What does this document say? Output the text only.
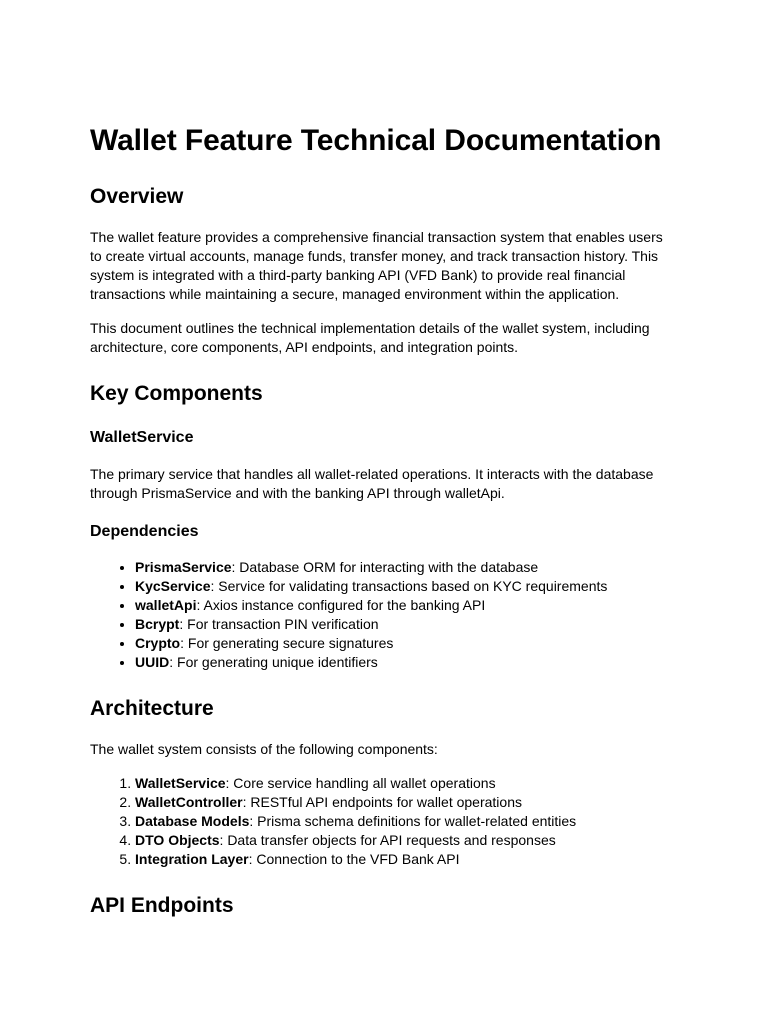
Wallet Feature Technical Documentation
Overview

The wallet feature provides a comprehensive financial transaction system that enables users to create virtual accounts, manage funds, transfer money, and track transaction history. This system is integrated with a third-party banking API (VFD Bank) to provide real financial transactions while maintaining a secure, managed environment within the application.

This document outlines the technical implementation details of the wallet system, including architecture, core components, API endpoints, and integration points.

Key Components
WalletService

The primary service that handles all wallet-related operations. It interacts with the database through PrismaService and with the banking API through walletApi.

Dependencies
• PrismaService: Database ORM for interacting with the database
• KycService: Service for validating transactions based on KYC requirements
• walletApi: Axios instance configured for the banking API
• Bcrypt: For transaction PIN verification
• Crypto: For generating secure signatures
• UUID: For generating unique identifiers
Architecture

The wallet system consists of the following components:

1. WalletService: Core service handling all wallet operations
2. WalletController: RESTful API endpoints for wallet operations
3. Database Models: Prisma schema definitions for wallet-related entities
4. DTO Objects: Data transfer objects for API requests and responses
5. Integration Layer: Connection to the VFD Bank API
API Endpoints
